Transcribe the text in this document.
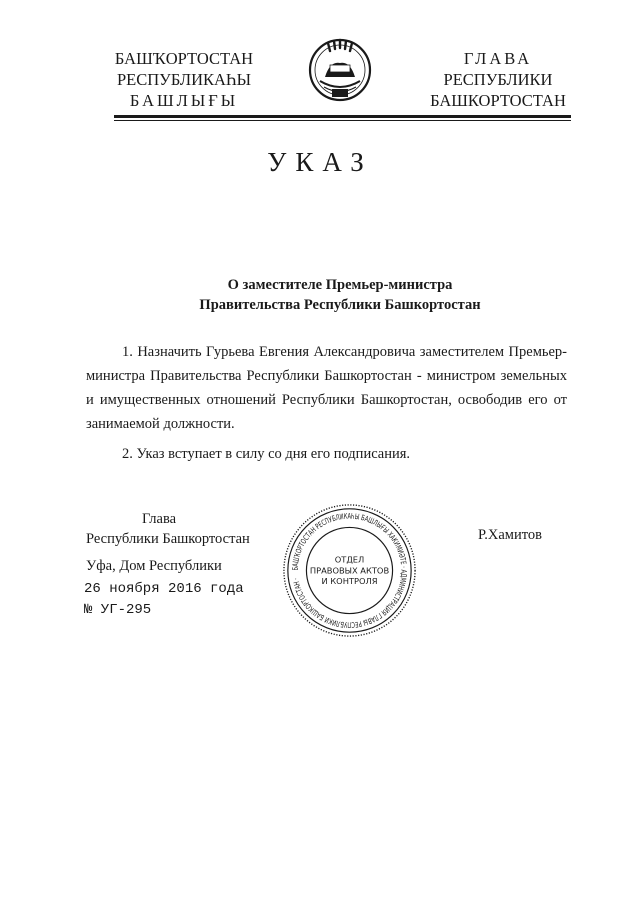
БАШҠОРТОСТАН
РЕСПУБЛИКАҺЫ
БАШЛЫҒЫ
ГЛАВА
РЕСПУБЛИКИ
БАШКОРТОСТАН
УКАЗ
О заместителе Премьер-министра
Правительства Республики Башкортостан
1. Назначить Гурьева Евгения Александровича заместителем Премьер-министра Правительства Республики Башкортостан - министром земельных и имущественных отношений Республики Башкортостан, освободив его от занимаемой должности.
2. Указ вступает в силу со дня его подписания.
Глава
Республики Башкортостан	Р.Хамитов
Уфа, Дом Республики
26 ноября 2016 года
№ УГ-295
БАШҠОРТОСТАН РЕСПУБЛИКАҺЫ БАШЛЫҒЫ ХАКИМИӘТЕ · АДМИНИСТРАЦИЯ ГЛАВЫ РЕСПУБЛИКИ БАШКОРТОСТАН ·
ОТДЕЛ
ПРАВОВЫХ АКТОВ
И КОНТРОЛЯ
